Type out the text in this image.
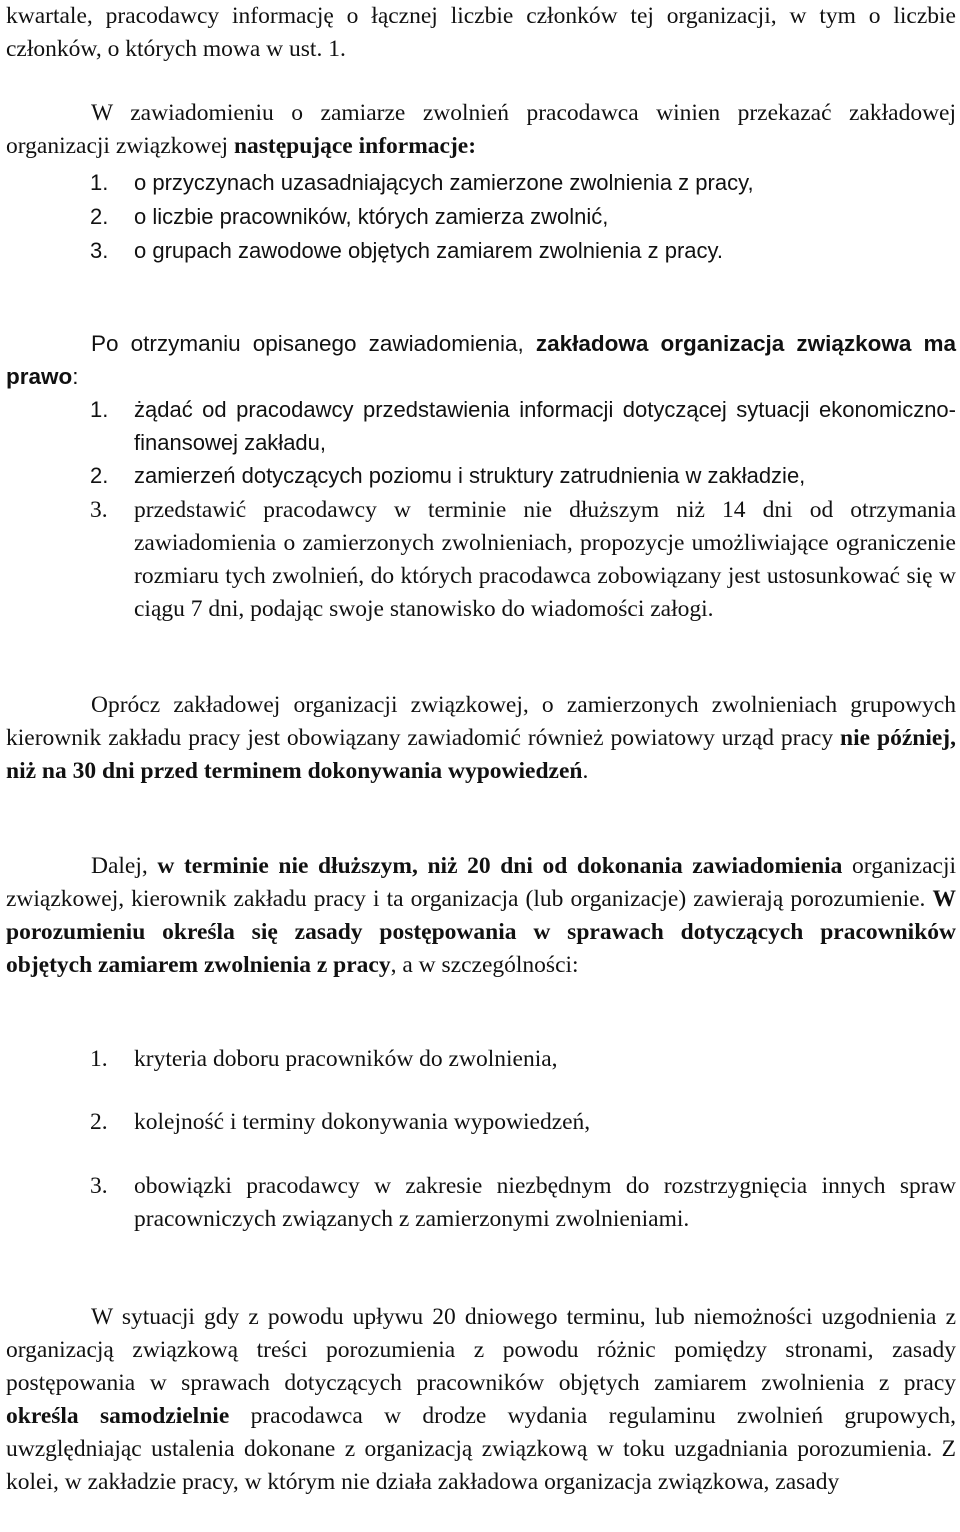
kwartale, pracodawcy informację o łącznej liczbie członków tej organizacji, w tym o liczbie członków, o których mowa w ust. 1.
W zawiadomieniu o zamiarze zwolnień pracodawca winien przekazać zakładowej organizacji związkowej następujące informacje:
1. o przyczynach uzasadniających zamierzone zwolnienia z pracy,
2. o liczbie pracowników, których zamierza zwolnić,
3. o grupach zawodowe objętych zamiarem zwolnienia z pracy.
Po otrzymaniu opisanego zawiadomienia, zakładowa organizacja związkowa ma prawo:
1. żądać od pracodawcy przedstawienia informacji dotyczącej sytuacji ekonomiczno-finansowej zakładu,
2. zamierzeń dotyczących poziomu i struktury zatrudnienia w zakładzie,
3. przedstawić pracodawcy w terminie nie dłuższym niż 14 dni od otrzymania zawiadomienia o zamierzonych zwolnieniach, propozycje umożliwiające ograniczenie rozmiaru tych zwolnień, do których pracodawca zobowiązany jest ustosunkować się w ciągu 7 dni, podając swoje stanowisko do wiadomości załogi.
Oprócz zakładowej organizacji związkowej, o zamierzonych zwolnieniach grupowych kierownik zakładu pracy jest obowiązany zawiadomić również powiatowy urząd pracy nie później, niż na 30 dni przed terminem dokonywania wypowiedzeń.
Dalej, w terminie nie dłuższym, niż 20 dni od dokonania zawiadomienia organizacji związkowej, kierownik zakładu pracy i ta organizacja (lub organizacje) zawierają porozumienie. W porozumieniu określa się zasady postępowania w sprawach dotyczących pracowników objętych zamiarem zwolnienia z pracy, a w szczególności:
1. kryteria doboru pracowników do zwolnienia,
2. kolejność i terminy dokonywania wypowiedzeń,
3. obowiązki pracodawcy w zakresie niezbędnym do rozstrzygnięcia innych spraw pracowniczych związanych z zamierzonymi zwolnieniami.
W sytuacji gdy z powodu upływu 20 dniowego terminu, lub niemożności uzgodnienia z organizacją związkową treści porozumienia z powodu różnic pomiędzy stronami, zasady postępowania w sprawach dotyczących pracowników objętych zamiarem zwolnienia z pracy określa samodzielnie pracodawca w drodze wydania regulaminu zwolnień grupowych, uwzględniając ustalenia dokonane z organizacją związkową w toku uzgadniania porozumienia. Z kolei, w zakładzie pracy, w którym nie działa zakładowa organizacja związkowa, zasady
